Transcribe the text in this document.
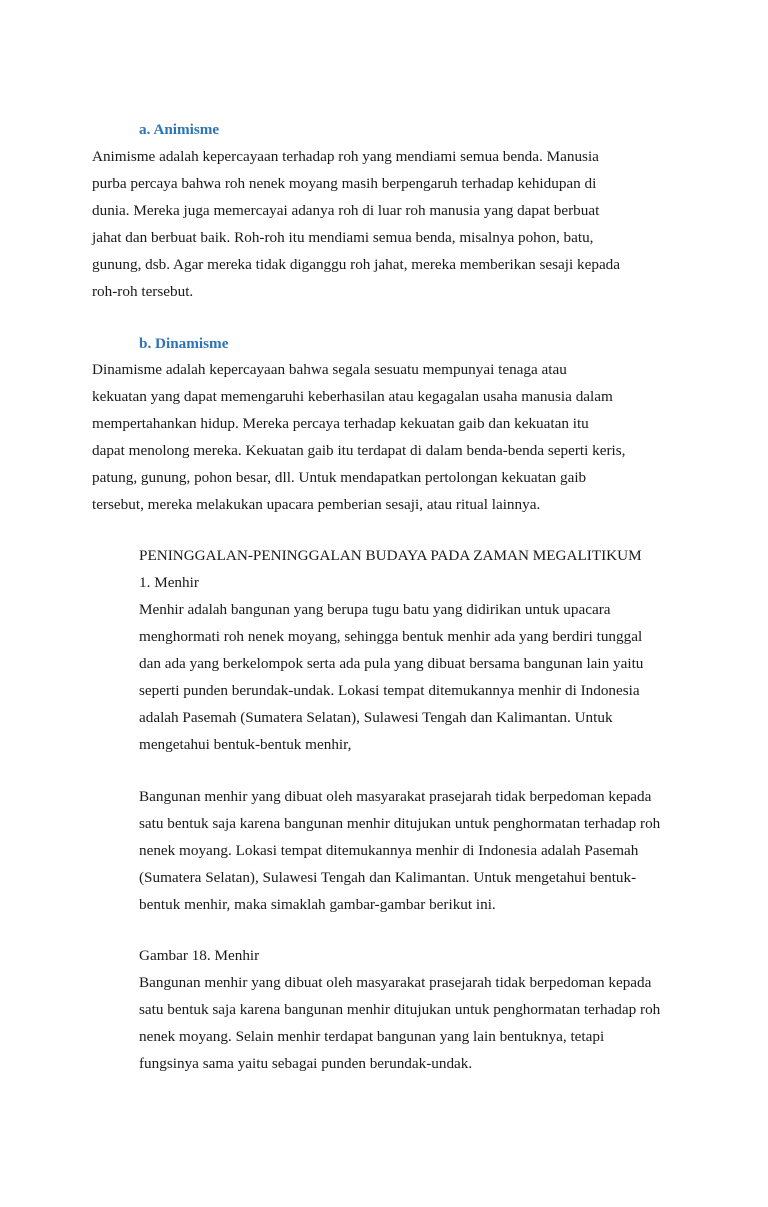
a. Animisme
Animisme adalah kepercayaan terhadap roh yang mendiami semua benda. Manusia
purba percaya bahwa roh nenek moyang masih berpengaruh terhadap kehidupan di
dunia. Mereka juga memercayai adanya roh di luar roh manusia yang dapat berbuat
jahat dan berbuat baik. Roh-roh itu mendiami semua benda, misalnya pohon, batu,
gunung, dsb. Agar mereka tidak diganggu roh jahat, mereka memberikan sesaji kepada
roh-roh tersebut.
b. Dinamisme
Dinamisme adalah kepercayaan bahwa segala sesuatu mempunyai tenaga atau
kekuatan yang dapat memengaruhi keberhasilan atau kegagalan usaha manusia dalam
mempertahankan hidup. Mereka percaya terhadap kekuatan gaib dan kekuatan itu
dapat menolong mereka. Kekuatan gaib itu terdapat di dalam benda-benda seperti keris,
patung, gunung, pohon besar, dll. Untuk mendapatkan pertolongan kekuatan gaib
tersebut, mereka melakukan upacara pemberian sesaji, atau ritual lainnya.
PENINGGALAN-PENINGGALAN BUDAYA PADA ZAMAN MEGALITIKUM
1. Menhir
Menhir adalah bangunan yang berupa tugu batu yang didirikan untuk upacara
menghormati roh nenek moyang, sehingga bentuk menhir ada yang berdiri tunggal
dan ada yang berkelompok serta ada pula yang dibuat bersama bangunan lain yaitu
seperti punden berundak-undak. Lokasi tempat ditemukannya menhir di Indonesia
adalah Pasemah (Sumatera Selatan), Sulawesi Tengah dan Kalimantan. Untuk
mengetahui bentuk-bentuk menhir,
Bangunan menhir yang dibuat oleh masyarakat prasejarah tidak berpedoman kepada
satu bentuk saja karena bangunan menhir ditujukan untuk penghormatan terhadap roh
nenek moyang. Lokasi tempat ditemukannya menhir di Indonesia adalah Pasemah
(Sumatera Selatan), Sulawesi Tengah dan Kalimantan. Untuk mengetahui bentuk-
bentuk menhir, maka simaklah gambar-gambar berikut ini.
Gambar 18. Menhir
Bangunan menhir yang dibuat oleh masyarakat prasejarah tidak berpedoman kepada
satu bentuk saja karena bangunan menhir ditujukan untuk penghormatan terhadap roh
nenek moyang. Selain menhir terdapat bangunan yang lain bentuknya, tetapi
fungsinya sama yaitu sebagai punden berundak-undak.
